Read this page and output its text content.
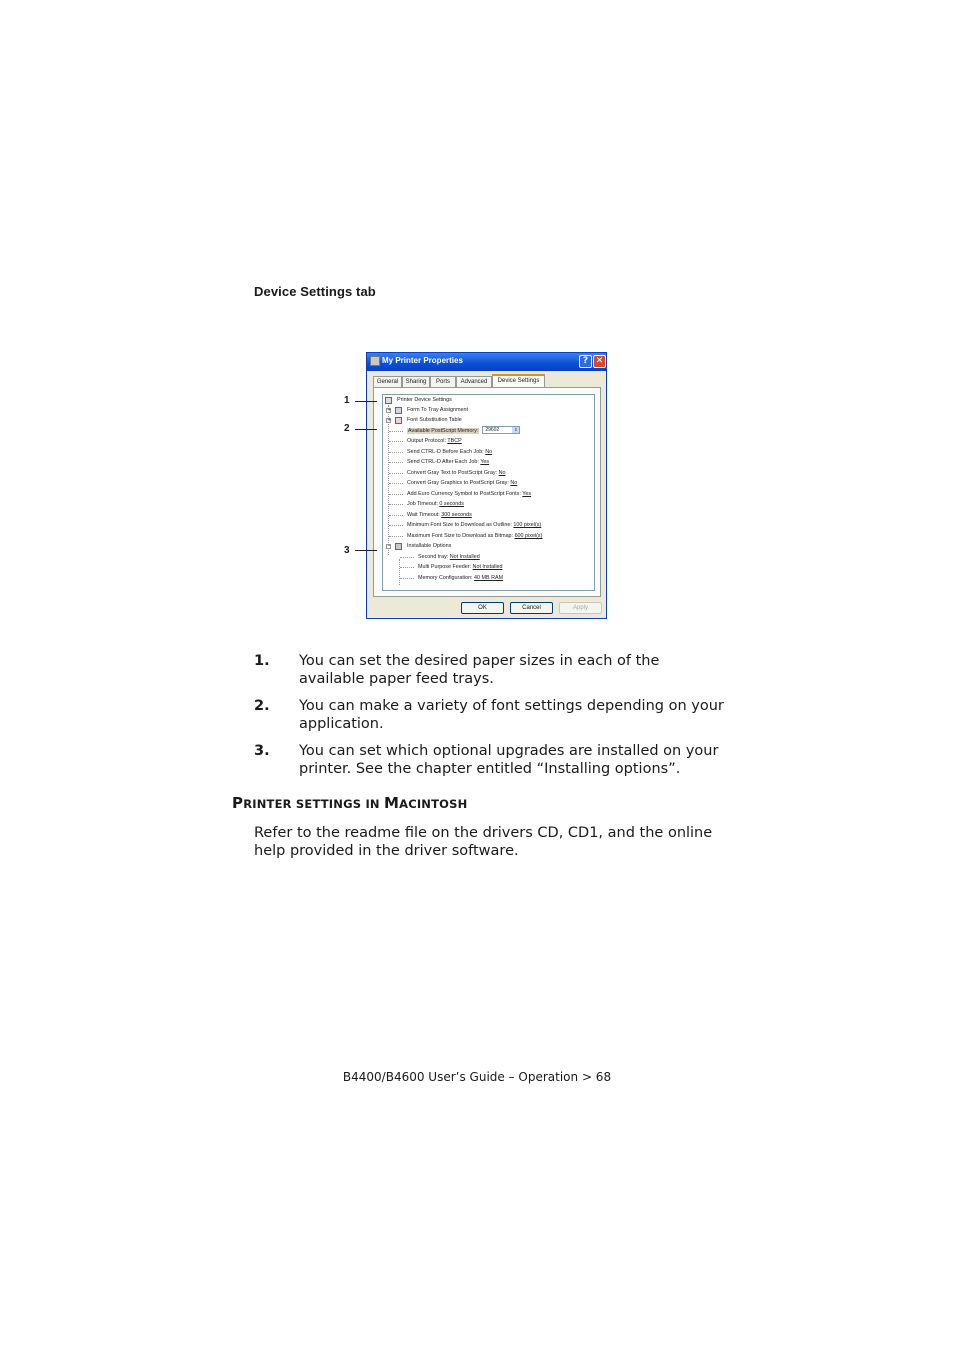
Device Settings tab
My Printer Properties	? ✕
General	Sharing	Ports	Advanced	Device Settings
Printer Device Settings
+	Form To Tray Assignment
+	Font Substitution Table
Available PostScript Memory: 29602	⇕
Output Protocol: TBCP
Send CTRL-D Before Each Job: No
Send CTRL-D After Each Job: Yes
Convert Gray Text to PostScript Gray: No
Convert Gray Graphics to PostScript Gray: No
Add Euro Currency Symbol to PostScript Fonts: Yes
Job Timeout: 0 seconds
Wait Timeout: 300 seconds
Minimum Font Size to Download as Outline: 100 pixel(s)
Maximum Font Size to Download as Bitmap: 600 pixel(s)
−	Installable Options
Second tray: Not Installed
Multi Purpose Feeder: Not Installed
Memory Configuration: 40 MB RAM
OK	Cancel	Apply
1
2
3
1. You can set the desired paper sizes in each of the available paper feed trays.
2. You can make a variety of font settings depending on your application.
3. You can set which optional upgrades are installed on your printer. See the chapter entitled “Installing options”.
PRINTER SETTINGS IN MACINTOSH
Refer to the readme file on the drivers CD, CD1, and the online help provided in the driver software.
B4400/B4600 User’s Guide – Operation > 68
